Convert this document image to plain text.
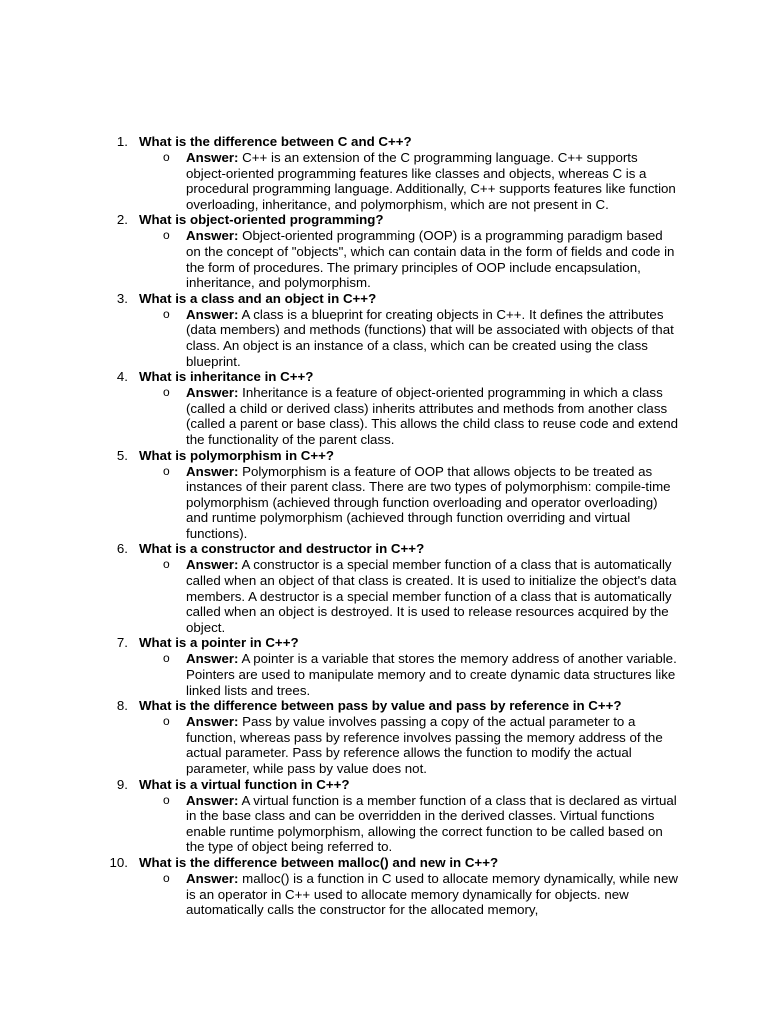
1. What is the difference between C and C++?
o Answer: C++ is an extension of the C programming language. C++ supports object-oriented programming features like classes and objects, whereas C is a procedural programming language. Additionally, C++ supports features like function overloading, inheritance, and polymorphism, which are not present in C.
2. What is object-oriented programming?
o Answer: Object-oriented programming (OOP) is a programming paradigm based on the concept of "objects", which can contain data in the form of fields and code in the form of procedures. The primary principles of OOP include encapsulation, inheritance, and polymorphism.
3. What is a class and an object in C++?
o Answer: A class is a blueprint for creating objects in C++. It defines the attributes (data members) and methods (functions) that will be associated with objects of that class. An object is an instance of a class, which can be created using the class blueprint.
4. What is inheritance in C++?
o Answer: Inheritance is a feature of object-oriented programming in which a class (called a child or derived class) inherits attributes and methods from another class (called a parent or base class). This allows the child class to reuse code and extend the functionality of the parent class.
5. What is polymorphism in C++?
o Answer: Polymorphism is a feature of OOP that allows objects to be treated as instances of their parent class. There are two types of polymorphism: compile-time polymorphism (achieved through function overloading and operator overloading) and runtime polymorphism (achieved through function overriding and virtual functions).
6. What is a constructor and destructor in C++?
o Answer: A constructor is a special member function of a class that is automatically called when an object of that class is created. It is used to initialize the object's data members. A destructor is a special member function of a class that is automatically called when an object is destroyed. It is used to release resources acquired by the object.
7. What is a pointer in C++?
o Answer: A pointer is a variable that stores the memory address of another variable. Pointers are used to manipulate memory and to create dynamic data structures like linked lists and trees.
8. What is the difference between pass by value and pass by reference in C++?
o Answer: Pass by value involves passing a copy of the actual parameter to a function, whereas pass by reference involves passing the memory address of the actual parameter. Pass by reference allows the function to modify the actual parameter, while pass by value does not.
9. What is a virtual function in C++?
o Answer: A virtual function is a member function of a class that is declared as virtual in the base class and can be overridden in the derived classes. Virtual functions enable runtime polymorphism, allowing the correct function to be called based on the type of object being referred to.
10. What is the difference between malloc() and new in C++?
o Answer: malloc() is a function in C used to allocate memory dynamically, while new is an operator in C++ used to allocate memory dynamically for objects. new automatically calls the constructor for the allocated memory,
